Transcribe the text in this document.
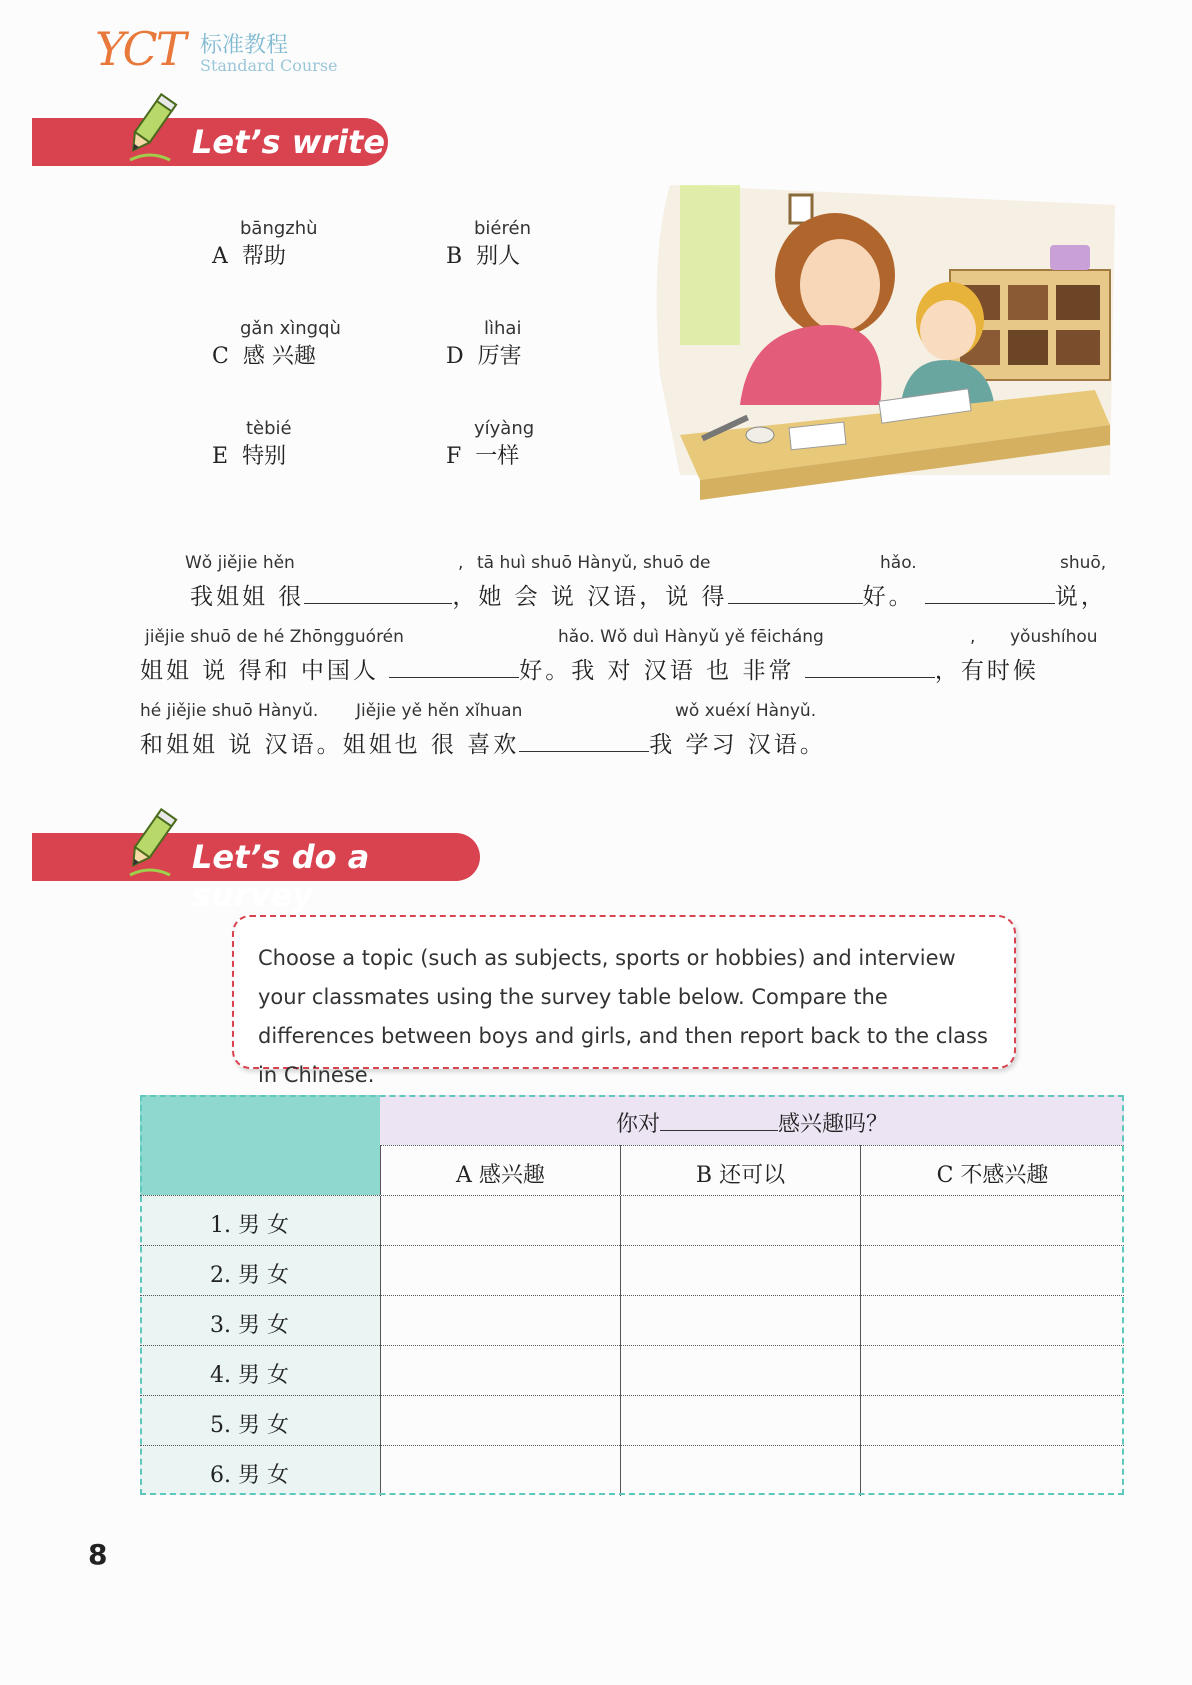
YCT 标准教程
Standard Course
Let’s write
bāngzhù
A 帮助
biérén
B 别人
gǎn xìngqù
C 感 兴趣
lìhai
D 厉害
tèbié
E 特别
yíyàng
F 一样
Wǒ jiějie hěn	, tā huì shuō Hànyǔ, shuō de	hǎo.	shuō,
我姐姐 很	，她 会 说 汉语，说 得	好。	说，
jiějie shuō de hé Zhōngguórén	hǎo. Wǒ duì Hànyǔ yě fēicháng	, yǒushíhou
姐姐 说 得和 中国人	好。我 对 汉语 也 非常	，有时候
hé jiějie shuō Hànyǔ. Jiějie yě hěn xǐhuan	wǒ xuéxí Hànyǔ.
和姐姐 说 汉语。姐姐也 很 喜欢	我 学习 汉语。
Let’s do a survey
Choose a topic (such as subjects, sports or hobbies) and interview your classmates using the survey table below. Compare the differences between boys and girls, and then report back to the class in Chinese.
你对	感兴趣吗？
A 感兴趣	B 还可以	C 不感兴趣
1. 男 女
2. 男 女
3. 男 女
4. 男 女
5. 男 女
6. 男 女
8
